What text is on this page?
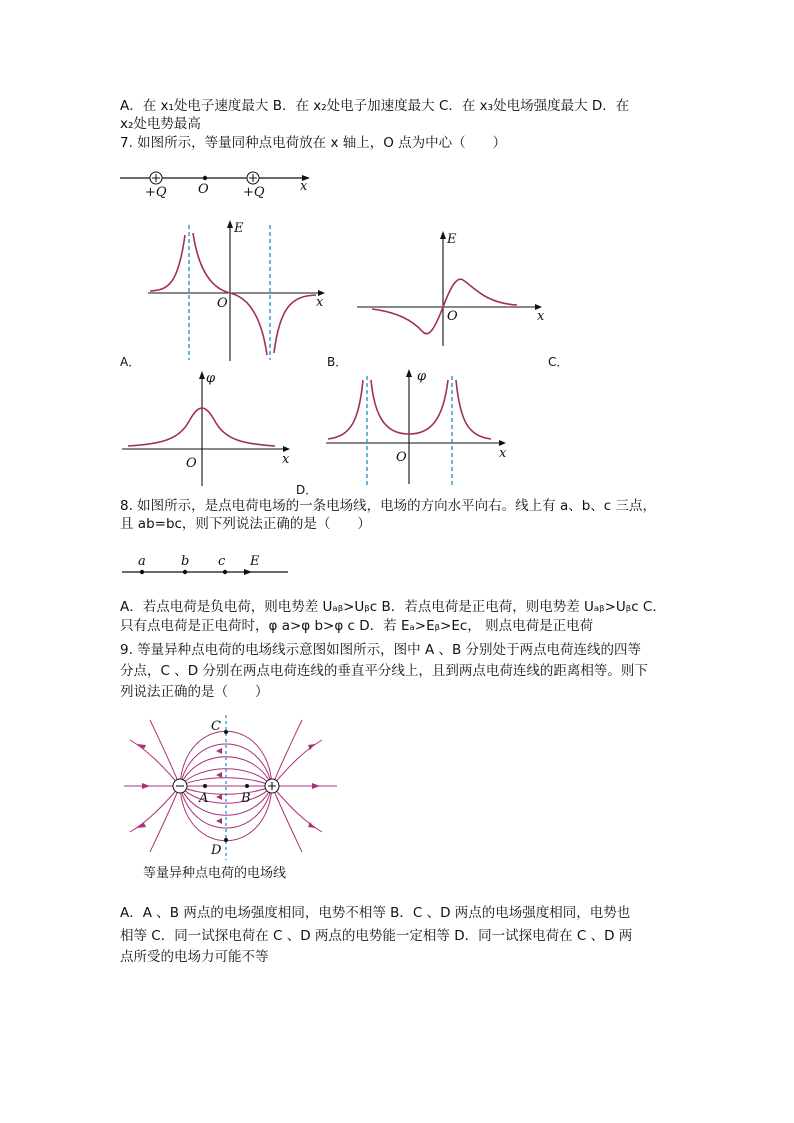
A．在 x₁处电子速度最大 B．在 x₂处电子加速度最大 C．在 x₃处电场强度最大 D．在
x₂处电势最高
7. 如图所示，等量同种点电荷放在 x 轴上，O 点为中心（　　）
+Q O	+Q	x
E
O	x
A．
E
O	x
B．	C．
φ
O	x
φ
O	x
D．
8. 如图所示，是点电荷电场的一条电场线，电场的方向水平向右。线上有 a、b、c 三点，
且 ab=bc，则下列说法正确的是（　　）
a	b c E
A．若点电荷是负电荷，则电势差 Uₐᵦ>Uᵦc B．若点电荷是正电荷，则电势差 Uₐᵦ>Uᵦc C．
只有点电荷是正电荷时，φ a>φ b>φ c D．若 Eₐ>Eᵦ>Ec， 则点电荷是正电荷
9. 等量异种点电荷的电场线示意图如图所示，图中 A 、B 分别处于两点电荷连线的四等
分点，C 、D 分别在两点电荷连线的垂直平分线上，且到两点电荷连线的距离相等。则下
列说法正确的是（　　）
C
D
A	B
等量异种点电荷的电场线
A．A 、B 两点的电场强度相同，电势不相等 B．C 、D 两点的电场强度相同，电势也
相等 C．同一试探电荷在 C 、D 两点的电势能一定相等 D．同一试探电荷在 C 、D 两
点所受的电场力可能不等
